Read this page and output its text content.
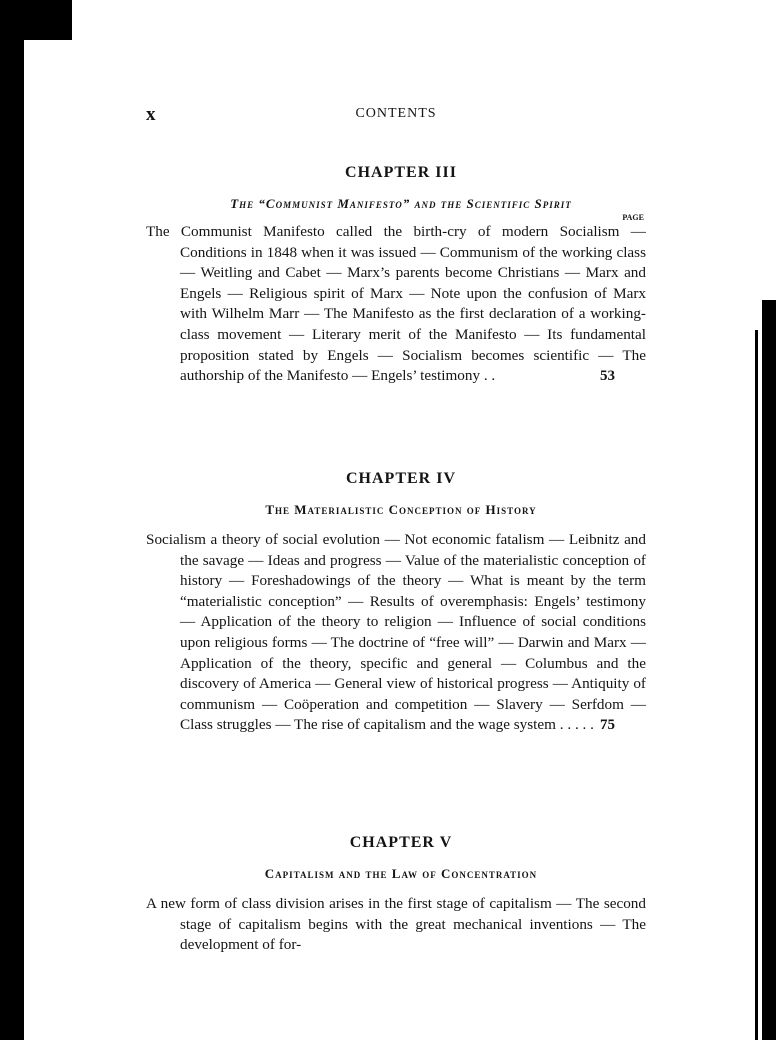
x	CONTENTS
CHAPTER III
The “Communist Manifesto” and the Scientific Spirit
PAGE

The Communist Manifesto called the birth-cry of modern Socialism — Conditions in 1848 when it was issued — Communism of the working class — Weitling and Cabet — Marx’s parents become Christians — Marx and Engels — Religious spirit of Marx — Note upon the confusion of Marx with Wilhelm Marr — The Manifesto as the first declaration of a working-class movement — Literary merit of the Manifesto — Its fundamental proposition stated by Engels — Socialism becomes scientific — The authorship of the Manifesto — Engels’ testimony . .	53

CHAPTER IV
The Materialistic Conception of History

Socialism a theory of social evolution — Not economic fatalism — Leibnitz and the savage — Ideas and progress — Value of the materialistic conception of history — Foreshadowings of the theory — What is meant by the term “materialistic conception” — Results of overemphasis: Engels’ testimony — Application of the theory to religion — Influence of social conditions upon religious forms — The doctrine of “free will” — Darwin and Marx — Application of the theory, specific and general — Columbus and the discovery of America — General view of historical progress — Antiquity of communism — Coöperation and competition — Slavery — Serfdom — Class struggles — The rise of capitalism and the wage system . . . . . 75

CHAPTER V
Capitalism and the Law of Concentration

A new form of class division arises in the first stage of capitalism — The second stage of capitalism begins with the great mechanical inventions — The development of for-
